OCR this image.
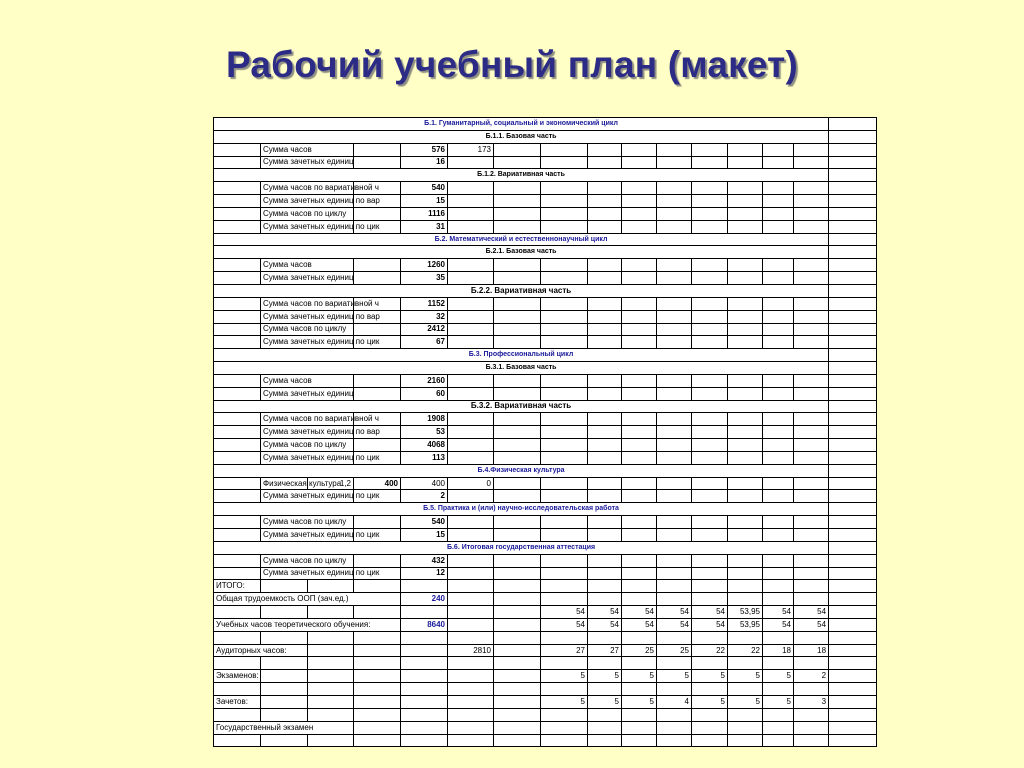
Рабочий учебный план (макет)
Б.1. Гуманитарный, социальный и экономический цикл																
Б.1.1. Базовая часть																
	Сумма часов			576	173											
	Сумма зачетных единиц			16												
Б.1.2. Вариативная часть																
	Сумма часов по вариативной ч			540												
	Сумма зачетных единиц по вар			15												
	Сумма часов по циклу			1116												
	Сумма зачетных единиц по цик			31												
Б.2. Математический и естественнонаучный цикл																
Б.2.1. Базовая часть																
	Сумма часов			1260												
	Сумма зачетных единиц			35												
Б.2.2. Вариативная часть																
	Сумма часов по вариативной ч			1152												
	Сумма зачетных единиц по вар			32												
	Сумма часов по циклу			2412												
	Сумма зачетных единиц по цик			67												
Б.3. Профессиональный цикл																
Б.3.1. Базовая часть																
	Сумма часов			2160												
	Сумма зачетных единиц			60												
Б.3.2. Вариативная часть																
	Сумма часов по вариативной ч			1908												
	Сумма зачетных единиц по вар			53												
	Сумма часов по циклу			4068												
	Сумма зачетных единиц по цик			113												
Б.4.Физическая культура																
	Физическая культура	1,2	400	400	0											
	Сумма зачетных единиц по цик			2												
Б.5. Практика и (или) научно-исследовательская работа																
	Сумма часов по циклу			540												
	Сумма зачетных единиц по цик			15												
Б.6. Итоговая государственная аттестация																
	Сумма часов по циклу			432												
	Сумма зачетных единиц по цик			12												
ИТОГО:																
Общая трудоемкость ООП (зач.ед.)				240												
							54	54	54	54	54	53,95	54	54		
Учебных часов теоретического обучения:				8640			54	54	54	54	54	53,95	54	54		

Аудиторных часов:					2810		27	27	25	25	22	22	18	18		

Экзаменов:							5	5	5	5	5	5	5	2		

Зачетов:							5	5	5	4	5	5	5	3		

Государственный экзамен																
